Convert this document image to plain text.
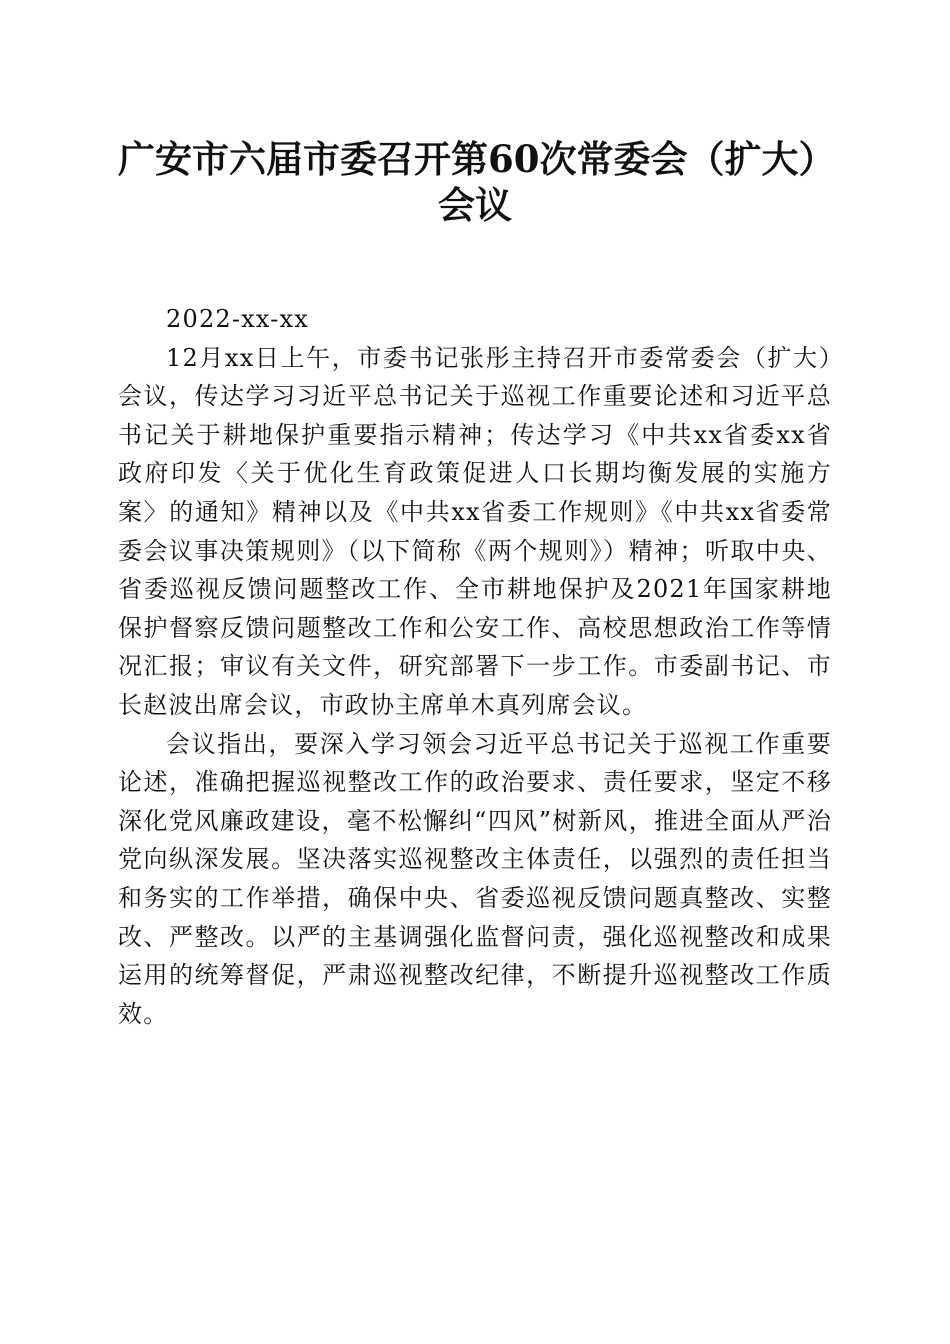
广安市六届市委召开第60次常委会（扩大）
会议

2022-xx-xx

12月xx日上午，市委书记张彤主持召开市委常委会（扩大）会议，传达学习习近平总书记关于巡视工作重要论述和习近平总书记关于耕地保护重要指示精神；传达学习《中共xx省委xx省政府印发〈关于优化生育政策促进人口长期均衡发展的实施方案〉的通知》精神以及《中共xx省委工作规则》《中共xx省委常委会议事决策规则》（以下简称《两个规则》）精神；听取中央、省委巡视反馈问题整改工作、全市耕地保护及2021年国家耕地保护督察反馈问题整改工作和公安工作、高校思想政治工作等情况汇报；审议有关文件，研究部署下一步工作。市委副书记、市长赵波出席会议，市政协主席单木真列席会议。

会议指出，要深入学习领会习近平总书记关于巡视工作重要论述，准确把握巡视整改工作的政治要求、责任要求，坚定不移深化党风廉政建设，毫不松懈纠“四风”树新风，推进全面从严治党向纵深发展。坚决落实巡视整改主体责任，以强烈的责任担当和务实的工作举措，确保中央、省委巡视反馈问题真整改、实整改、严整改。以严的主基调强化监督问责，强化巡视整改和成果运用的统筹督促，严肃巡视整改纪律，不断提升巡视整改工作质效。
